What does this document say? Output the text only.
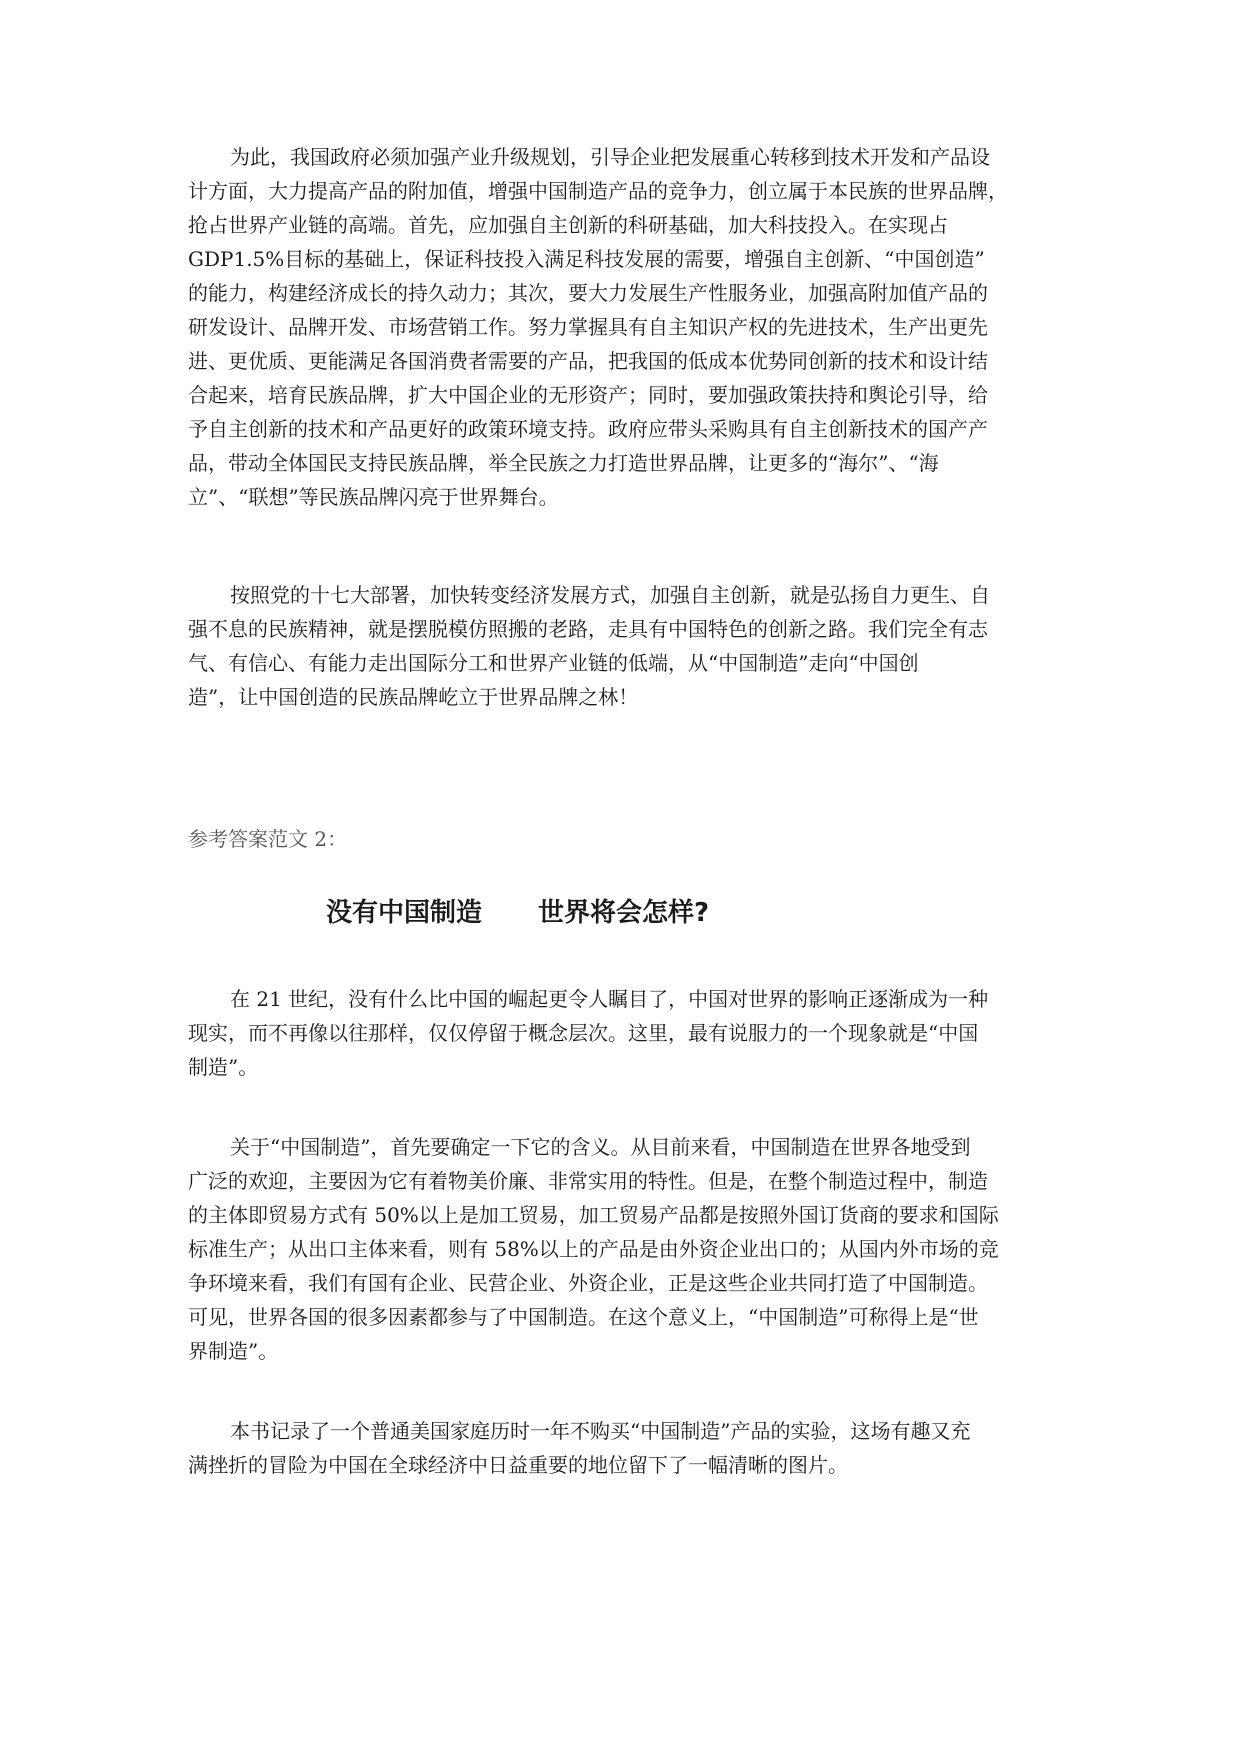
为此，我国政府必须加强产业升级规划，引导企业把发展重心转移到技术开发和产品设
计方面，大力提高产品的附加值，增强中国制造产品的竞争力，创立属于本民族的世界品牌，
抢占世界产业链的高端。首先，应加强自主创新的科研基础，加大科技投入。在实现占
GDP1.5%目标的基础上，保证科技投入满足科技发展的需要，增强自主创新、“中国创造”
的能力，构建经济成长的持久动力；其次，要大力发展生产性服务业，加强高附加值产品的
研发设计、品牌开发、市场营销工作。努力掌握具有自主知识产权的先进技术，生产出更先
进、更优质、更能满足各国消费者需要的产品，把我国的低成本优势同创新的技术和设计结
合起来，培育民族品牌，扩大中国企业的无形资产；同时，要加强政策扶持和舆论引导，给
予自主创新的技术和产品更好的政策环境支持。政府应带头采购具有自主创新技术的国产产
品，带动全体国民支持民族品牌，举全民族之力打造世界品牌，让更多的“海尔”、“海
立”、“联想”等民族品牌闪亮于世界舞台。
按照党的十七大部署，加快转变经济发展方式，加强自主创新，就是弘扬自力更生、自
强不息的民族精神，就是摆脱模仿照搬的老路，走具有中国特色的创新之路。我们完全有志
气、有信心、有能力走出国际分工和世界产业链的低端，从“中国制造”走向“中国创
造”，让中国创造的民族品牌屹立于世界品牌之林！

参考答案范文 2：

没有中国制造 世界将会怎样?
在 21 世纪，没有什么比中国的崛起更令人瞩目了，中国对世界的影响正逐渐成为一种
现实，而不再像以往那样，仅仅停留于概念层次。这里，最有说服力的一个现象就是“中国
制造”。
关于“中国制造”，首先要确定一下它的含义。从目前来看，中国制造在世界各地受到
广泛的欢迎，主要因为它有着物美价廉、非常实用的特性。但是，在整个制造过程中，制造
的主体即贸易方式有 50%以上是加工贸易，加工贸易产品都是按照外国订货商的要求和国际
标准生产；从出口主体来看，则有 58%以上的产品是由外资企业出口的；从国内外市场的竞
争环境来看，我们有国有企业、民营企业、外资企业，正是这些企业共同打造了中国制造。
可见，世界各国的很多因素都参与了中国制造。在这个意义上，“中国制造”可称得上是“世
界制造”。
本书记录了一个普通美国家庭历时一年不购买“中国制造”产品的实验，这场有趣又充
满挫折的冒险为中国在全球经济中日益重要的地位留下了一幅清晰的图片。
